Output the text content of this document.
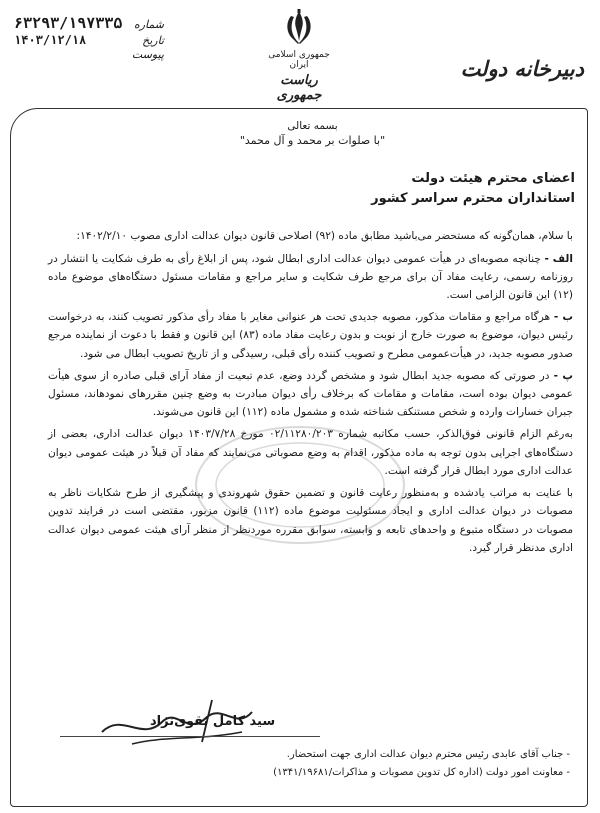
شماره
۶۳۲۹۳/۱۹۷۳۳۵
تاریخ
۱۴۰۳/۱۲/۱۸
پیوست	جمهوری اسلامی ایران
ریاست جمهوری
دبیرخانه دولت
بسمه تعالی
"با صلوات بر محمد و آل محمد"
اعضای محترم هیئت دولت
استانداران محترم سراسر کشور

با سلام، همان‌گونه که مستحضر می‌باشید مطابق ماده (۹۲) اصلاحی قانون دیوان عدالت اداری مصوب ۱۴۰۲/۲/۱۰:

الف - چنانچه مصوبه‌ای در هیأت عمومی دیوان عدالت اداری ابطال شود، پس از ابلاغ رأی به طرف شکایت یا انتشار در روزنامه رسمی، رعایت مفاد آن برای مرجع طرف شکایت و سایر مراجع و مقامات مسئول دستگاه‌های موضوع ماده (۱۲) این قانون الزامی است.

ب - هرگاه مراجع و مقامات مذکور، مصوبه جدیدی تحت هر عنوانی مغایر با مفاد رأی مذکور تصویب کنند، به درخواست رئیس دیوان، موضوع به صورت خارج از نوبت و بدون رعایت مفاد ماده (۸۳) این قانون و فقط با دعوت از نماینده مرجع صدور مصوبه جدید، در هیأت‌عمومی مطرح و تصویب کننده رأی قبلی، رسیدگی و از تاریخ تصویب ابطال می شود.

پ - در صورتی که مصوبه جدید ابطال شود و مشخص گردد وضع، عدم تبعیت از مفاد آرای قبلی صادره از سوی هیأت عمومی دیوان بوده است، مقامات و مقامات که برخلاف رأی دیوان مبادرت به وضع چنین مقررهای نمودهاند، مسئول جبران خسارات وارده و شخص مستنکف شناخته شده و مشمول ماده (۱۱۲) این قانون می‌شوند.

به‌رغم الزام قانونی فوق‌الذکر، حسب مکاتبه شماره ۰۲/۱۱۲۸۰/۲۰۳ مورخ ۱۴۰۳/۷/۲۸ دیوان عدالت اداری، بعضی از دستگاه‌های اجرایی بدون توجه به ماده مذکور، اقدام به وضع مصوباتی می‌نمایند که مفاد آن قبلاً در هیئت عمومی دیوان عدالت اداری مورد ابطال قرار گرفته است.

با عنایت به مراتب یادشده و به‌منظور رعایت قانون و تضمین حقوق شهروندی و پیشگیری از طرح شکایات ناظر به مصوبات در دیوان عدالت اداری و ایجاد مسئولیت موضوع ماده (۱۱۲) قانون مزبور، مقتضی است در فرایند تدوین مصوبات در دستگاه متبوع و واحدهای تابعه و وابسته، سوابق مقرره موردنظر از منظر آرای هیئت عمومی دیوان عدالت اداری مدنظر قرار گیرد.

سید کامل تقوی‌نژاد
- جناب آقای عابدی رئیس محترم دیوان عدالت اداری جهت استحضار.
- معاونت امور دولت (اداره کل تدوین مصوبات و مذاکرات/۱۳۴۱/۱۹۶۸۱)
